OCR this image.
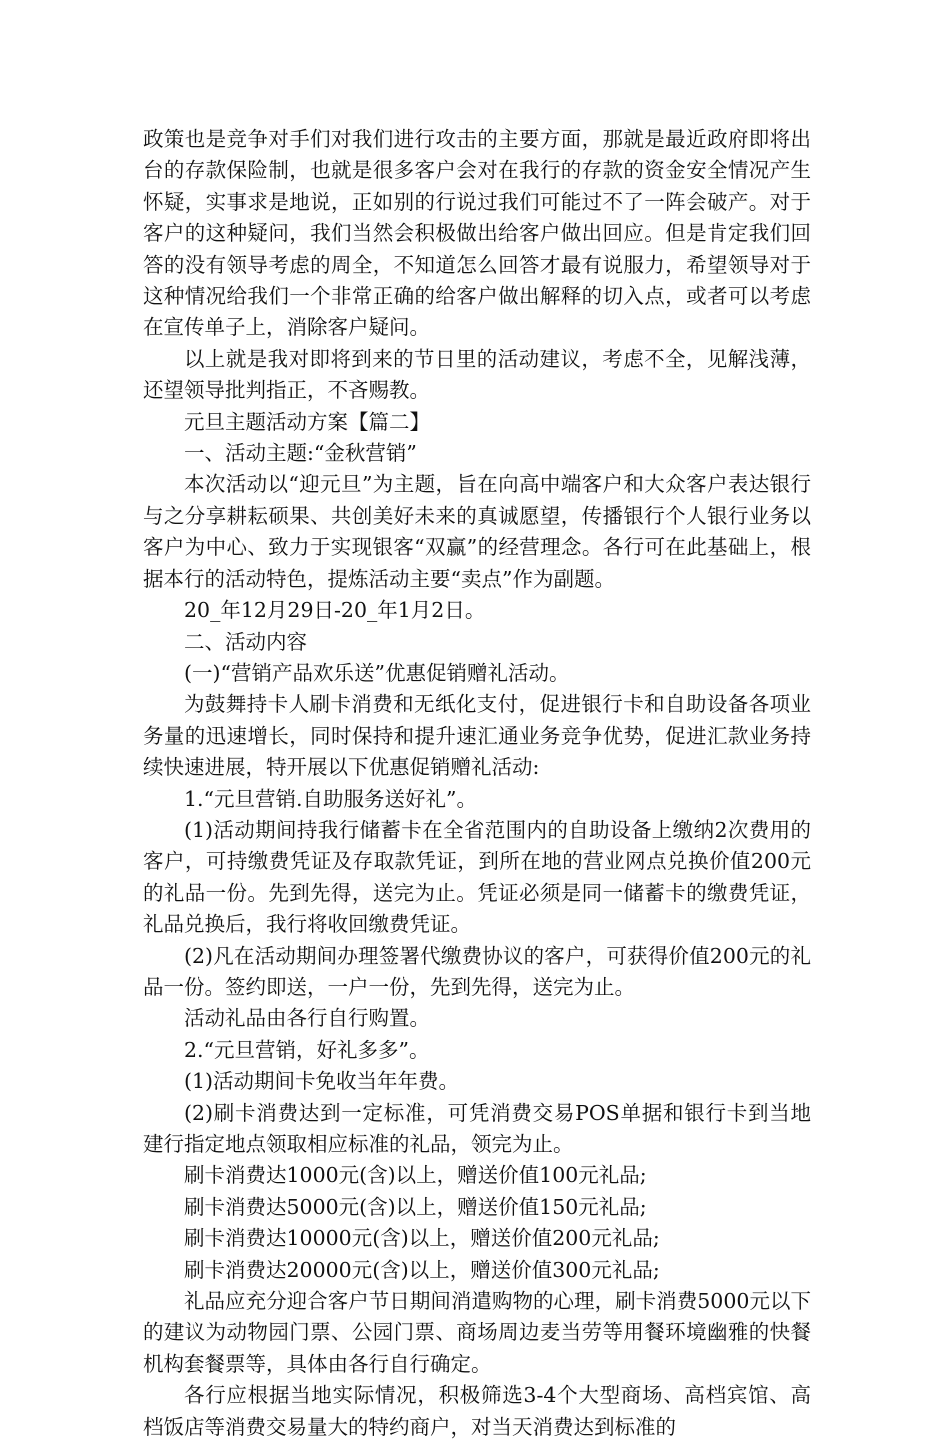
政策也是竞争对手们对我们进行攻击的主要方面，那就是最近政府即将出台的存款保险制，也就是很多客户会对在我行的存款的资金安全情况产生怀疑，实事求是地说，正如别的行说过我们可能过不了一阵会破产。对于客户的这种疑问，我们当然会积极做出给客户做出回应。但是肯定我们回答的没有领导考虑的周全，不知道怎么回答才最有说服力，希望领导对于这种情况给我们一个非常正确的给客户做出解释的切入点，或者可以考虑在宣传单子上，消除客户疑问。

以上就是我对即将到来的节日里的活动建议，考虑不全，见解浅薄，还望领导批判指正，不吝赐教。

元旦主题活动方案【篇二】

一、活动主题:“金秋营销”

本次活动以“迎元旦”为主题，旨在向高中端客户和大众客户表达银行与之分享耕耘硕果、共创美好未来的真诚愿望，传播银行个人银行业务以客户为中心、致力于实现银客“双赢”的经营理念。各行可在此基础上，根据本行的活动特色，提炼活动主要“卖点”作为副题。

20_年12月29日-20_年1月2日。

二、活动内容

(一)“营销产品欢乐送”优惠促销赠礼活动。

为鼓舞持卡人刷卡消费和无纸化支付，促进银行卡和自助设备各项业务量的迅速增长，同时保持和提升速汇通业务竞争优势，促进汇款业务持续快速进展，特开展以下优惠促销赠礼活动:

1.“元旦营销.自助服务送好礼”。

(1)活动期间持我行储蓄卡在全省范围内的自助设备上缴纳2次费用的客户，可持缴费凭证及存取款凭证，到所在地的营业网点兑换价值200元的礼品一份。先到先得，送完为止。凭证必须是同一储蓄卡的缴费凭证，礼品兑换后，我行将收回缴费凭证。

(2)凡在活动期间办理签署代缴费协议的客户，可获得价值200元的礼品一份。签约即送，一户一份，先到先得，送完为止。

活动礼品由各行自行购置。

2.“元旦营销，好礼多多”。

(1)活动期间卡免收当年年费。

(2)刷卡消费达到一定标准，可凭消费交易POS单据和银行卡到当地建行指定地点领取相应标准的礼品，领完为止。

刷卡消费达1000元(含)以上，赠送价值100元礼品;

刷卡消费达5000元(含)以上，赠送价值150元礼品;

刷卡消费达10000元(含)以上，赠送价值200元礼品;

刷卡消费达20000元(含)以上，赠送价值300元礼品;

礼品应充分迎合客户节日期间消遣购物的心理，刷卡消费5000元以下的建议为动物园门票、公园门票、商场周边麦当劳等用餐环境幽雅的快餐机构套餐票等，具体由各行自行确定。

各行应根据当地实际情况，积极筛选3-4个大型商场、高档宾馆、高档饭店等消费交易量大的特约商户，对当天消费达到标准的
